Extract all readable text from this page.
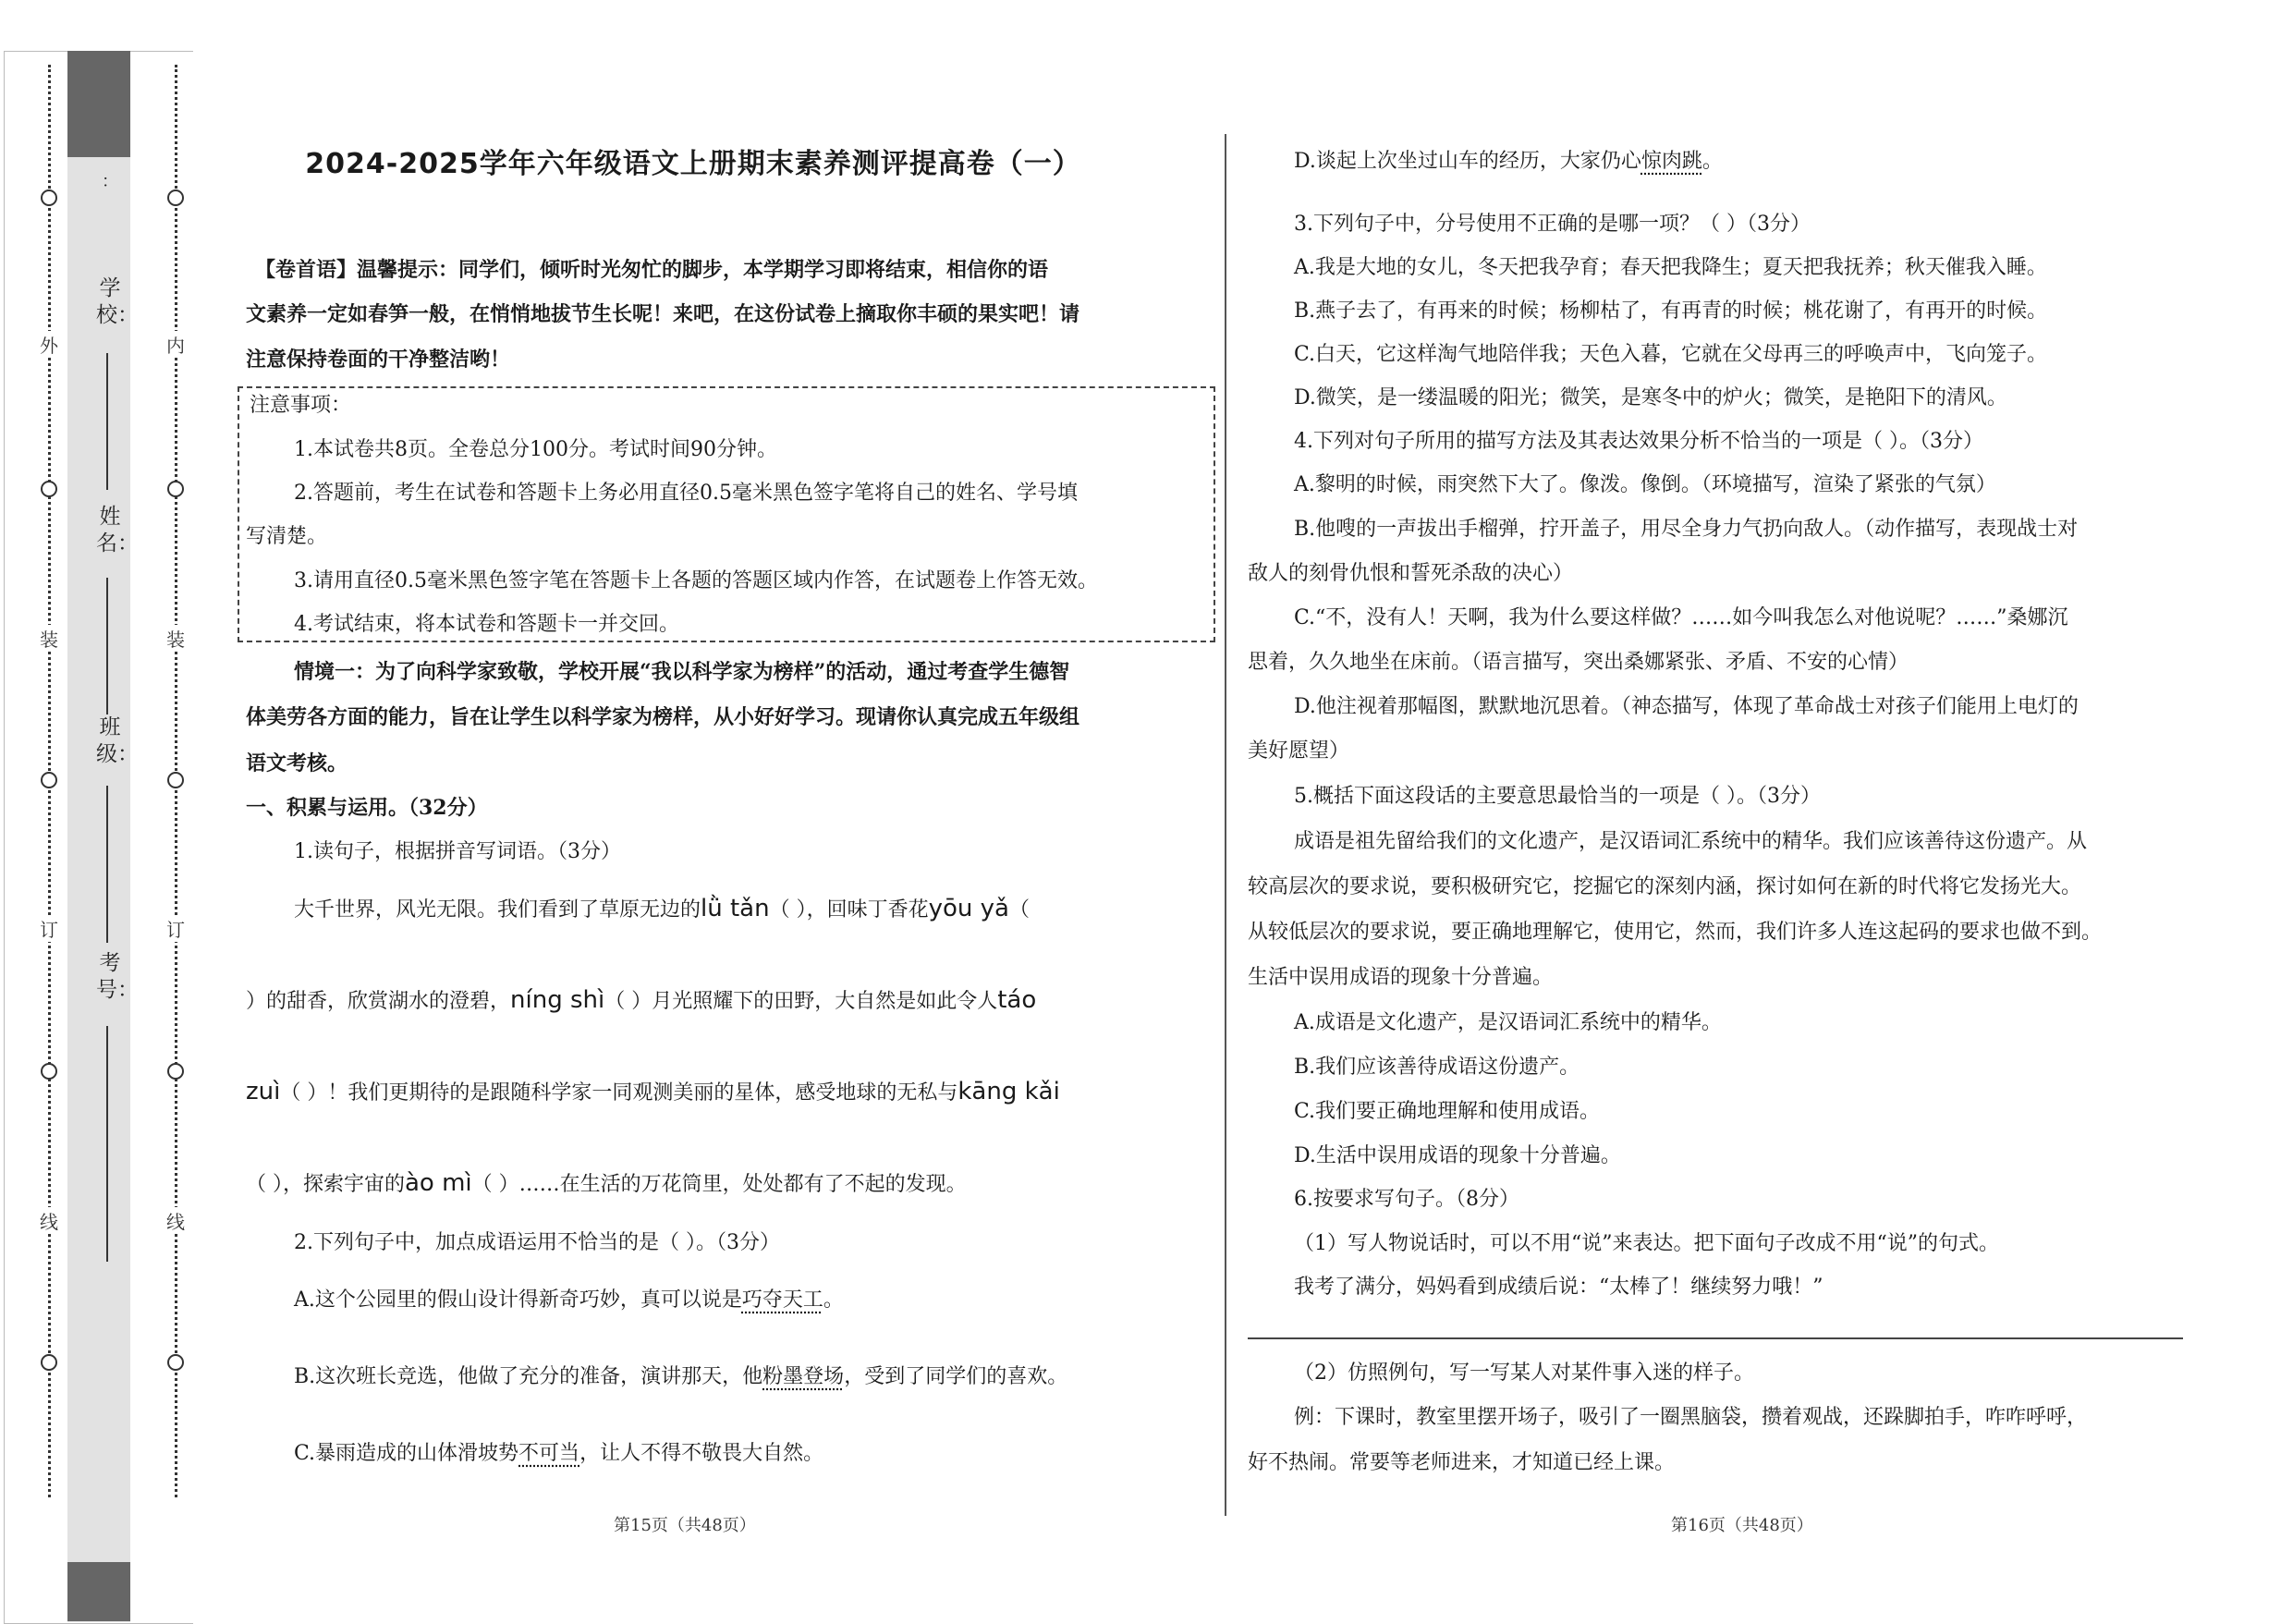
外
装
订
线
内
装
订
线
：
学校：
姓名：
班级：
考号：
2024-2025学年六年级语文上册期末素养测评提高卷（一）
【卷首语】温馨提示：同学们，倾听时光匆忙的脚步，本学期学习即将结束，相信你的语
文素养一定如春笋一般，在悄悄地拔节生长呢！来吧，在这份试卷上摘取你丰硕的果实吧！请
注意保持卷面的干净整洁哟！
注意事项：
1.本试卷共8页。全卷总分100分。考试时间90分钟。
2.答题前，考生在试卷和答题卡上务必用直径0.5毫米黑色签字笔将自己的姓名、学号填
写清楚。
3.请用直径0.5毫米黑色签字笔在答题卡上各题的答题区域内作答，在试题卷上作答无效。
4.考试结束，将本试卷和答题卡一并交回。
情境一：为了向科学家致敬，学校开展“我以科学家为榜样”的活动，通过考查学生德智
体美劳各方面的能力，旨在让学生以科学家为榜样，从小好好学习。现请你认真完成五年级组
语文考核。
一、积累与运用。（32分）
1.读句子，根据拼音写词语。（3分）
大千世界，风光无限。我们看到了草原无边的lǜ tǎn（ ），回味丁香花yōu yǎ（
）的甜香，欣赏湖水的澄碧，níng shì（ ）月光照耀下的田野，大自然是如此令人táo
zuì（ ）！我们更期待的是跟随科学家一同观测美丽的星体，感受地球的无私与kāng kǎi
（ ），探索宇宙的ào mì（ ）……在生活的万花筒里，处处都有了不起的发现。
2.下列句子中，加点成语运用不恰当的是（ ）。（3分）
A.这个公园里的假山设计得新奇巧妙，真可以说是巧夺天工。
B.这次班长竞选，他做了充分的准备，演讲那天，他粉墨登场，受到了同学们的喜欢。
C.暴雨造成的山体滑坡势不可当，让人不得不敬畏大自然。
第15页（共48页）
D.谈起上次坐过山车的经历，大家仍心惊肉跳。
3.下列句子中，分号使用不正确的是哪一项？（ ）（3分）
A.我是大地的女儿，冬天把我孕育；春天把我降生；夏天把我抚养；秋天催我入睡。
B.燕子去了，有再来的时候；杨柳枯了，有再青的时候；桃花谢了，有再开的时候。
C.白天，它这样淘气地陪伴我；天色入暮，它就在父母再三的呼唤声中，飞向笼子。
D.微笑，是一缕温暖的阳光；微笑，是寒冬中的炉火；微笑，是艳阳下的清风。
4.下列对句子所用的描写方法及其表达效果分析不恰当的一项是（ ）。（3分）
A.黎明的时候，雨突然下大了。像泼。像倒。（环境描写，渲染了紧张的气氛）
B.他嗖的一声拔出手榴弹，拧开盖子，用尽全身力气扔向敌人。（动作描写，表现战士对
敌人的刻骨仇恨和誓死杀敌的决心）
C.“不，没有人！天啊，我为什么要这样做？……如今叫我怎么对他说呢？……”桑娜沉
思着，久久地坐在床前。（语言描写，突出桑娜紧张、矛盾、不安的心情）
D.他注视着那幅图，默默地沉思着。（神态描写，体现了革命战士对孩子们能用上电灯的
美好愿望）
5.概括下面这段话的主要意思最恰当的一项是（ ）。（3分）
成语是祖先留给我们的文化遗产，是汉语词汇系统中的精华。我们应该善待这份遗产。从
较高层次的要求说，要积极研究它，挖掘它的深刻内涵，探讨如何在新的时代将它发扬光大。
从较低层次的要求说，要正确地理解它，使用它，然而，我们许多人连这起码的要求也做不到。
生活中误用成语的现象十分普遍。
A.成语是文化遗产，是汉语词汇系统中的精华。
B.我们应该善待成语这份遗产。
C.我们要正确地理解和使用成语。
D.生活中误用成语的现象十分普遍。
6.按要求写句子。（8分）
（1）写人物说话时，可以不用“说”来表达。把下面句子改成不用“说”的句式。
我考了满分，妈妈看到成绩后说：“太棒了！继续努力哦！”
（2）仿照例句，写一写某人对某件事入迷的样子。
例：下课时，教室里摆开场子，吸引了一圈黑脑袋，攒着观战，还跺脚拍手，咋咋呼呼，
好不热闹。常要等老师进来，才知道已经上课。
第16页（共48页）
